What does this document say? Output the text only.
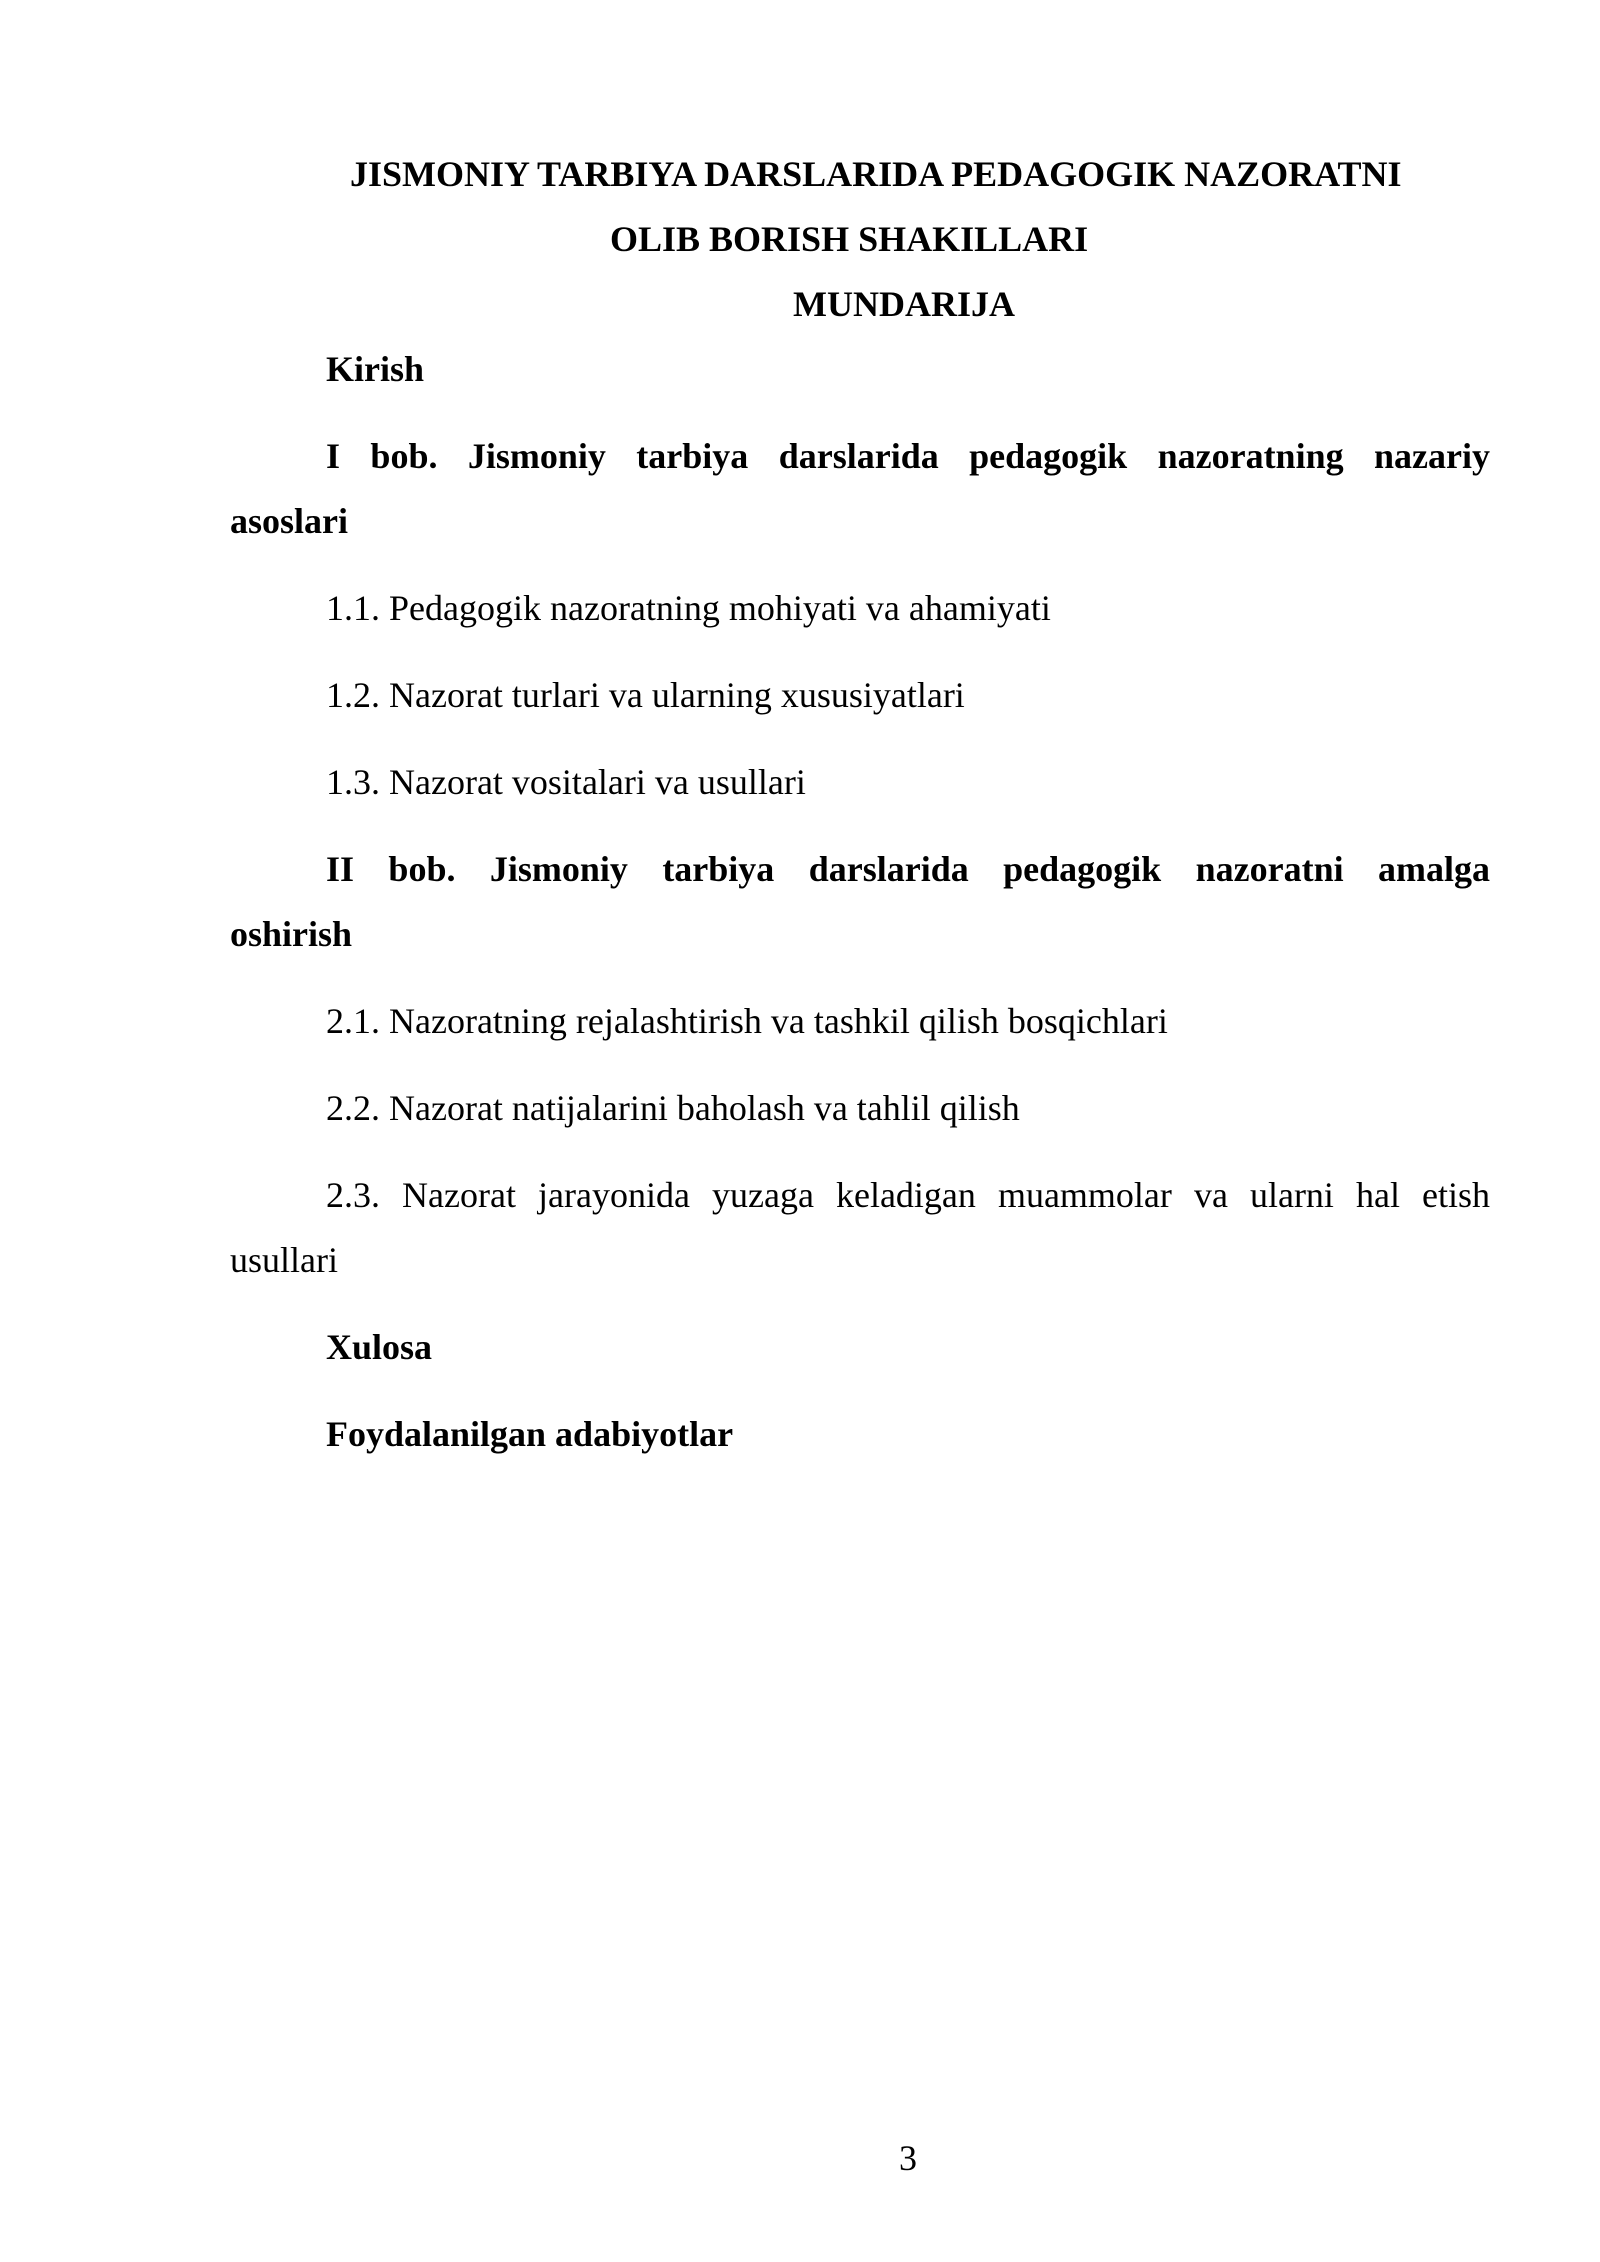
JISMONIY TARBIYA DARSLARIDA PEDAGOGIK NAZORATNI
OLIB BORISH SHAKILLARI
MUNDARIJA
Kirish
I bob. Jismoniy tarbiya darslarida pedagogik nazoratning nazariy
asoslari
1.1. Pedagogik nazoratning mohiyati va ahamiyati
1.2. Nazorat turlari va ularning xususiyatlari
1.3. Nazorat vositalari va usullari
II bob. Jismoniy tarbiya darslarida pedagogik nazoratni amalga
oshirish
2.1. Nazoratning rejalashtirish va tashkil qilish bosqichlari
2.2. Nazorat natijalarini baholash va tahlil qilish
2.3. Nazorat jarayonida yuzaga keladigan muammolar va ularni hal etish
usullari
Xulosa
Foydalanilgan adabiyotlar
3
